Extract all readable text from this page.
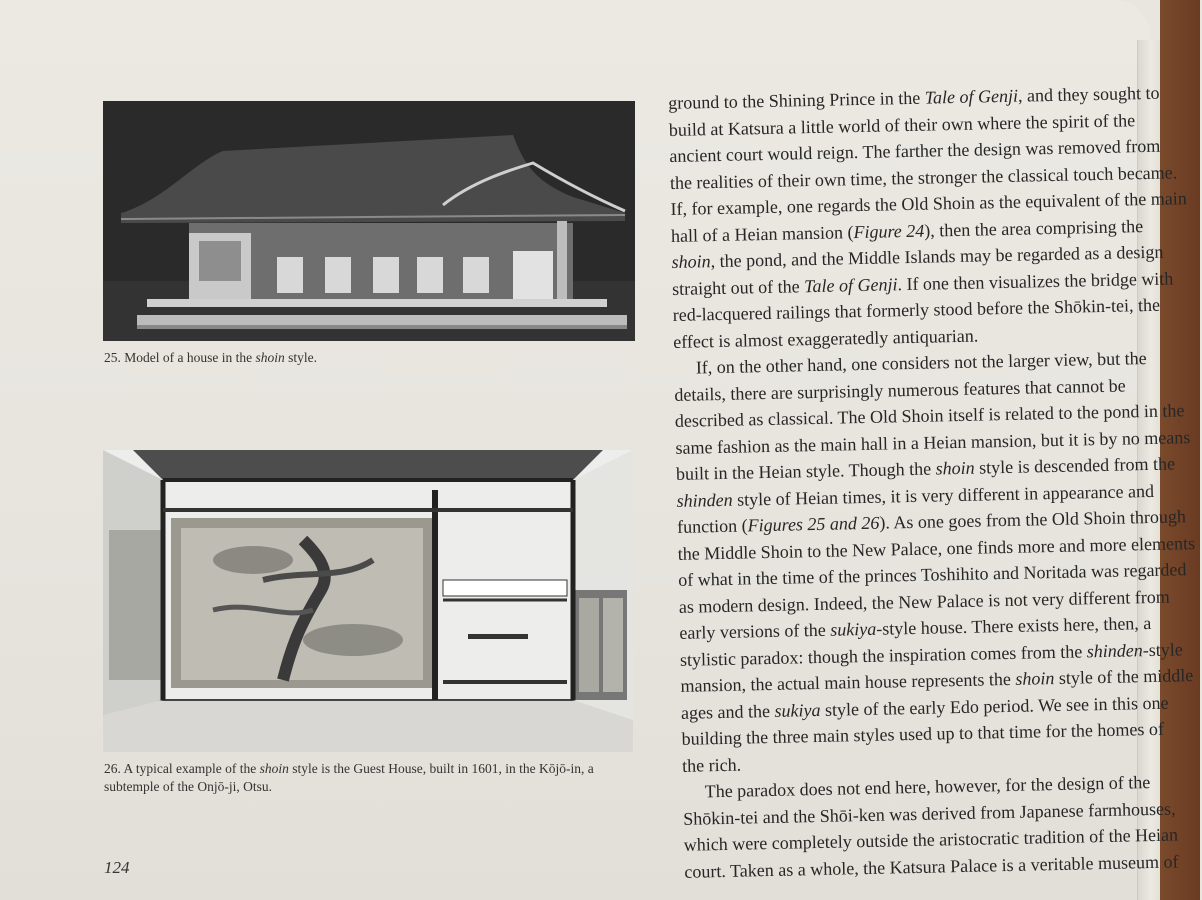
25. Model of a house in the shoin style.
26. A typical example of the shoin style is the Guest House, built in 1601, in the Kōjō-in, a
subtemple of the Onjō-ji, Otsu.
124
ground to the Shining Prince in the Tale of Genji, and they sought to
build at Katsura a little world of their own where the spirit of the
ancient court would reign. The farther the design was removed from
the realities of their own time, the stronger the classical touch became.
If, for example, one regards the Old Shoin as the equivalent of the main
hall of a Heian mansion (Figure 24), then the area comprising the
shoin, the pond, and the Middle Islands may be regarded as a design
straight out of the Tale of Genji. If one then visualizes the bridge with
red-lacquered railings that formerly stood before the Shōkin-tei, the
effect is almost exaggeratedly antiquarian.
If, on the other hand, one considers not the larger view, but the
details, there are surprisingly numerous features that cannot be
described as classical. The Old Shoin itself is related to the pond in the
same fashion as the main hall in a Heian mansion, but it is by no means
built in the Heian style. Though the shoin style is descended from the
shinden style of Heian times, it is very different in appearance and
function (Figures 25 and 26). As one goes from the Old Shoin through
the Middle Shoin to the New Palace, one finds more and more elements
of what in the time of the princes Toshihito and Noritada was regarded
as modern design. Indeed, the New Palace is not very different from
early versions of the sukiya-style house. There exists here, then, a
stylistic paradox: though the inspiration comes from the shinden-style
mansion, the actual main house represents the shoin style of the middle
ages and the sukiya style of the early Edo period. We see in this one
building the three main styles used up to that time for the homes of
the rich.
The paradox does not end here, however, for the design of the
Shōkin-tei and the Shōi-ken was derived from Japanese farmhouses,
which were completely outside the aristocratic tradition of the Heian
court. Taken as a whole, the Katsura Palace is a veritable museum of
